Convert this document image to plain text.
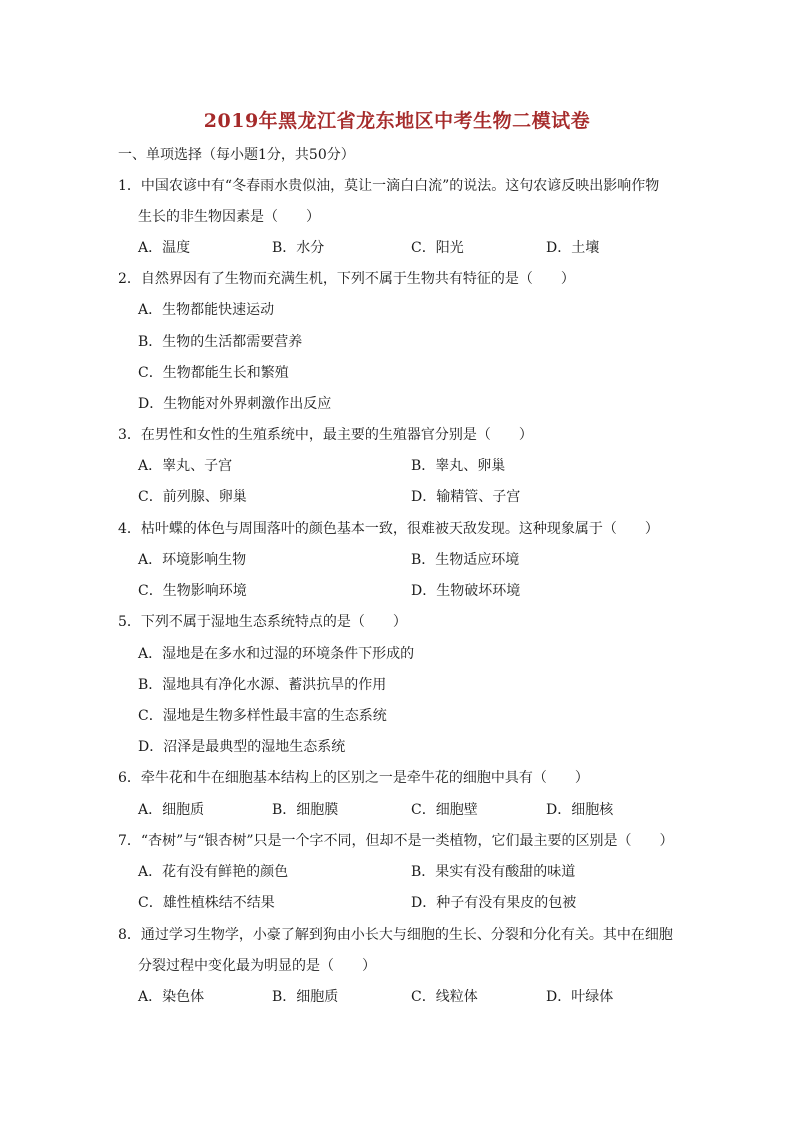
2019年黑龙江省龙东地区中考生物二模试卷
一、单项选择（每小题1分，共50分）
1．中国农谚中有“冬春雨水贵似油，莫让一滴白白流”的说法。这句农谚反映出影响作物
生长的非生物因素是（　　）
A．温度	B．水分	C．阳光	D．土壤
2．自然界因有了生物而充满生机，下列不属于生物共有特征的是（　　）
A．生物都能快速运动
B．生物的生活都需要营养
C．生物都能生长和繁殖
D．生物能对外界刺激作出反应
3．在男性和女性的生殖系统中，最主要的生殖器官分别是（　　）
A．睾丸、子宫	B．睾丸、卵巢
C．前列腺、卵巢	D．输精管、子宫
4．枯叶蝶的体色与周围落叶的颜色基本一致，很难被天敌发现。这种现象属于（　　）
A．环境影响生物	B．生物适应环境
C．生物影响环境	D．生物破坏环境
5．下列不属于湿地生态系统特点的是（　　）
A．湿地是在多水和过湿的环境条件下形成的
B．湿地具有净化水源、蓄洪抗旱的作用
C．湿地是生物多样性最丰富的生态系统
D．沼泽是最典型的湿地生态系统
6．牵牛花和牛在细胞基本结构上的区别之一是牵牛花的细胞中具有（　　）
A．细胞质	B．细胞膜	C．细胞壁	D．细胞核
7．“杏树”与“银杏树”只是一个字不同，但却不是一类植物，它们最主要的区别是（　　）
A．花有没有鲜艳的颜色	B．果实有没有酸甜的味道
C．雄性植株结不结果	D．种子有没有果皮的包被
8．通过学习生物学，小豪了解到狗由小长大与细胞的生长、分裂和分化有关。其中在细胞
分裂过程中变化最为明显的是（　　）
A．染色体	B．细胞质	C．线粒体	D．叶绿体
